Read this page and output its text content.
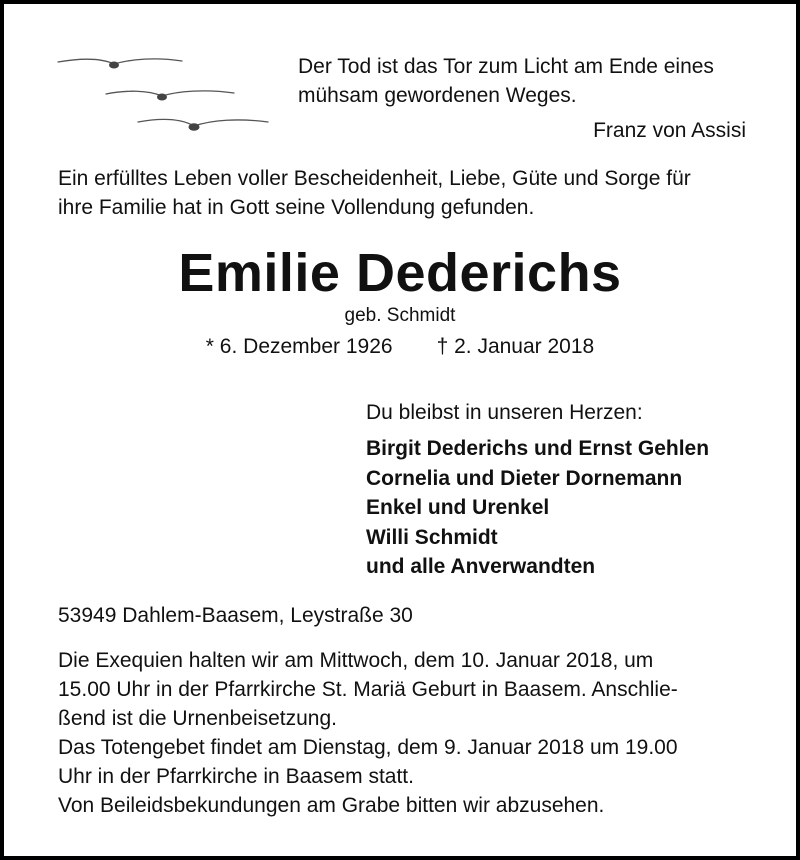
Der Tod ist das Tor zum Licht am Ende eines
mühsam gewordenen Weges.
Franz von Assisi
Ein erfülltes Leben voller Bescheidenheit, Liebe, Güte und Sorge für
ihre Familie hat in Gott seine Vollendung gefunden.
Emilie Dederichs
geb. Schmidt
* 6. Dezember 1926 † 2. Januar 2018
Du bleibst in unseren Herzen:
Birgit Dederichs und Ernst Gehlen
Cornelia und Dieter Dornemann
Enkel und Urenkel
Willi Schmidt
und alle Anverwandten
53949 Dahlem-Baasem, Leystraße 30
Die Exequien halten wir am Mittwoch, dem 10. Januar 2018, um
15.00 Uhr in der Pfarrkirche St. Mariä Geburt in Baasem. Anschlie-
ßend ist die Urnenbeisetzung.
Das Totengebet findet am Dienstag, dem 9. Januar 2018 um 19.00
Uhr in der Pfarrkirche in Baasem statt.
Von Beileidsbekundungen am Grabe bitten wir abzusehen.
